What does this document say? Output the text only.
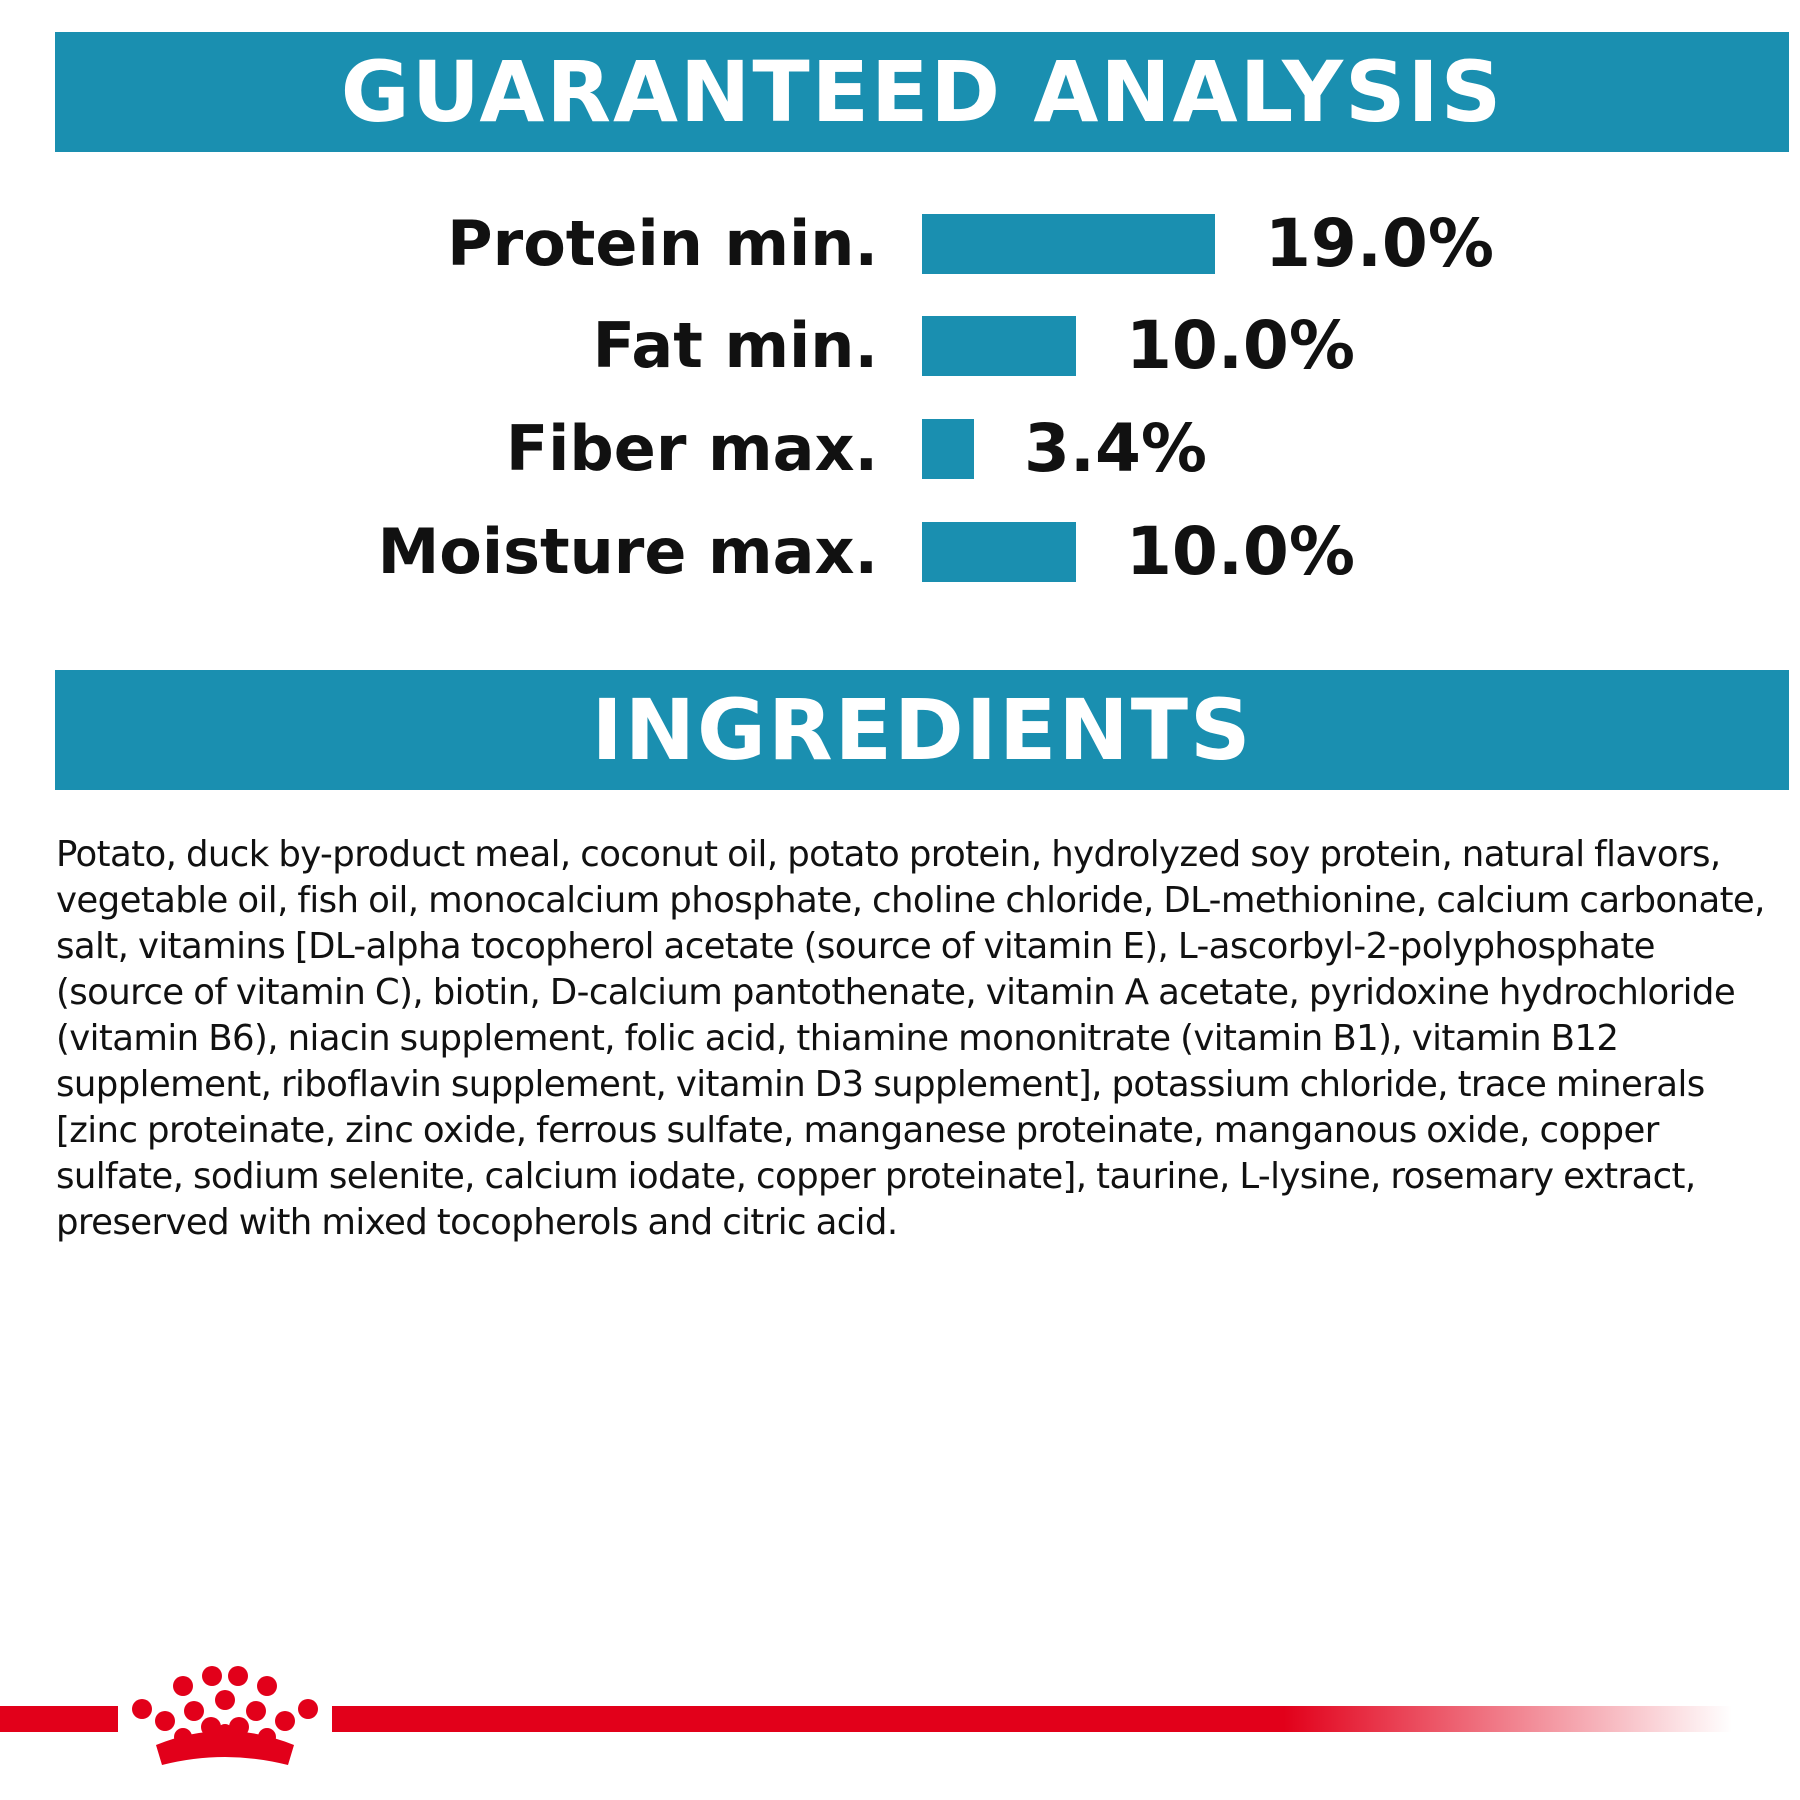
GUARANTEED ANALYSIS
Protein min.	19.0%
Fat min.	10.0%
Fiber max. 3.4%
Moisture max.	10.0%
INGREDIENTS

Potato, duck by-product meal, coconut oil, potato protein, hydrolyzed soy protein, natural flavors, vegetable oil, fish oil, monocalcium phosphate, choline chloride, DL-methionine, calcium carbonate, salt, vitamins [DL-alpha tocopherol acetate (source of vitamin E), L-ascorbyl-2-polyphosphate (source of vitamin C), biotin, D-calcium pantothenate, vitamin A acetate, pyridoxine hydrochloride (vitamin B6), niacin supplement, folic acid, thiamine mononitrate (vitamin B1), vitamin B12 supplement, riboflavin supplement, vitamin D3 supplement], potassium chloride, trace minerals [zinc proteinate, zinc oxide, ferrous sulfate, manganese proteinate, manganous oxide, copper sulfate, sodium selenite, calcium iodate, copper proteinate], taurine, L-lysine, rosemary extract, preserved with mixed tocopherols and citric acid.
